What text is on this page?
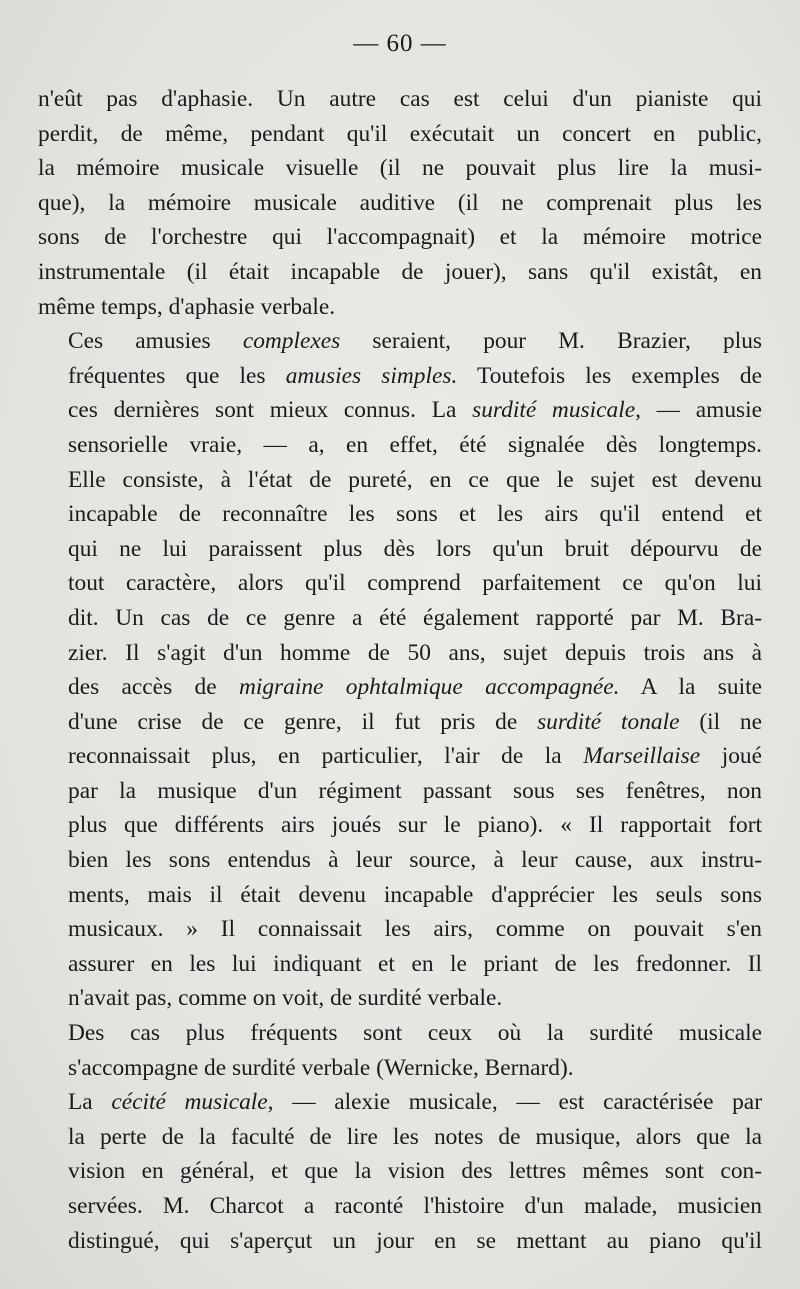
— 60 —

n'eût pas d'aphasie. Un autre cas est celui d'un pianiste qui
perdit, de même, pendant qu'il exécutait un concert en public,
la mémoire musicale visuelle (il ne pouvait plus lire la musi-
que), la mémoire musicale auditive (il ne comprenait plus les
sons de l'orchestre qui l'accompagnait) et la mémoire motrice
instrumentale (il était incapable de jouer), sans qu'il existât, en
même temps, d'aphasie verbale.

Ces amusies complexes seraient, pour M. Brazier, plus
fréquentes que les amusies simples. Toutefois les exemples de
ces dernières sont mieux connus. La surdité musicale, — amusie
sensorielle vraie, — a, en effet, été signalée dès longtemps.
Elle consiste, à l'état de pureté, en ce que le sujet est devenu
incapable de reconnaître les sons et les airs qu'il entend et
qui ne lui paraissent plus dès lors qu'un bruit dépourvu de
tout caractère, alors qu'il comprend parfaitement ce qu'on lui
dit. Un cas de ce genre a été également rapporté par M. Bra-
zier. Il s'agit d'un homme de 50 ans, sujet depuis trois ans à
des accès de migraine ophtalmique accompagnée. A la suite
d'une crise de ce genre, il fut pris de surdité tonale (il ne
reconnaissait plus, en particulier, l'air de la Marseillaise joué
par la musique d'un régiment passant sous ses fenêtres, non
plus que différents airs joués sur le piano). « Il rapportait fort
bien les sons entendus à leur source, à leur cause, aux instru-
ments, mais il était devenu incapable d'apprécier les seuls sons
musicaux. » Il connaissait les airs, comme on pouvait s'en
assurer en les lui indiquant et en le priant de les fredonner. Il
n'avait pas, comme on voit, de surdité verbale.

Des cas plus fréquents sont ceux où la surdité musicale
s'accompagne de surdité verbale (Wernicke, Bernard).

La cécité musicale, — alexie musicale, — est caractérisée par
la perte de la faculté de lire les notes de musique, alors que la
vision en général, et que la vision des lettres mêmes sont con-
servées. M. Charcot a raconté l'histoire d'un malade, musicien
distingué, qui s'aperçut un jour en se mettant au piano qu'il
